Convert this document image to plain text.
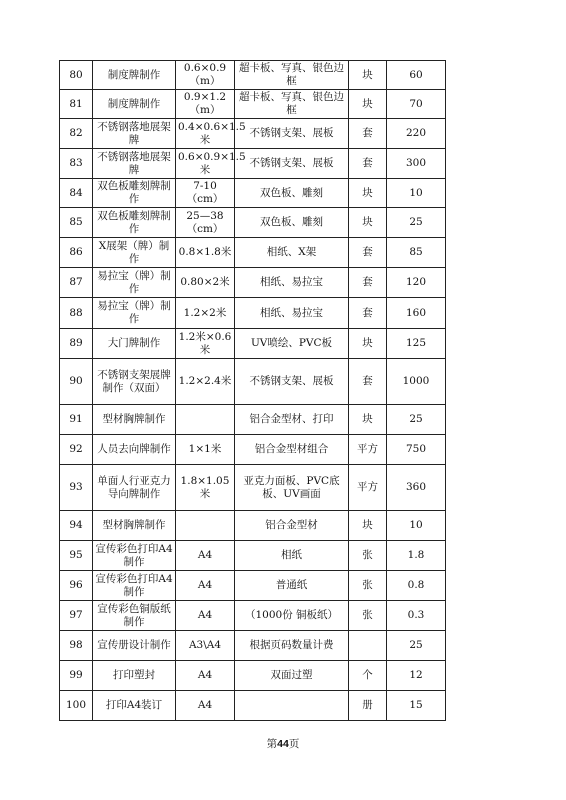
80	制度牌制作	0.6×0.9（m）	超卡板、写真、银色边框	块	60
81	制度牌制作	0.9×1.2（m）	超卡板、写真、银色边框	块	70
82	不锈钢落地展架牌	0.4×0.6×1.5米	不锈钢支架、展板	套	220
83	不锈钢落地展架牌	0.6×0.9×1.5米	不锈钢支架、展板	套	300
84	双色板雕刻牌制作	7-10（cm）	双色板、雕刻	块	10
85	双色板雕刻牌制作	25—38（cm）	双色板、雕刻	块	25
86	X展架（牌）制作	0.8×1.8米	相纸、X架	套	85
87	易拉宝（牌）制作	0.80×2米	相纸、易拉宝	套	120
88	易拉宝（牌）制作	1.2×2米	相纸、易拉宝	套	160
89	大门牌制作	1.2米×0.6米	UV喷绘、PVC板	块	125
90	不锈钢支架展牌制作（双面）	1.2×2.4米	不锈钢支架、展板	套	1000
91	型材胸牌制作		铝合金型材、打印	块	25
92	人员去向牌制作	1×1米	铝合金型材组合	平方	750
93	单面人行亚克力导向牌制作	1.8×1.05米	亚克力面板、PVC底板、UV画面	平方	360
94	型材胸牌制作		铝合金型材	块	10
95	宣传彩色打印A4制作	A4	相纸	张	1.8
96	宣传彩色打印A4制作	A4	普通纸	张	0.8
97	宣传彩色铜版纸制作	A4	（1000份 铜板纸）	张	0.3
98	宣传册设计制作	A3\A4	根据页码数量计费		25
99	打印塑封	A4	双面过塑	个	12
100	打印A4装订	A4		册	15
第44页
